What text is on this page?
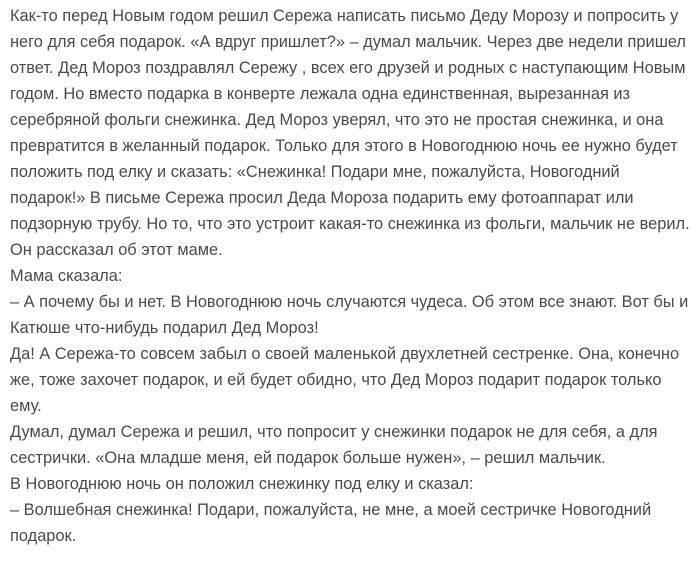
Как-то перед Новым годом решил Сережа написать письмо Деду Морозу и попросить у него для себя подарок. «А вдруг пришлет?» – думал мальчик. Через две недели пришел ответ. Дед Мороз поздравлял Сережу , всех его друзей и родных с наступающим Новым годом. Но вместо подарка в конверте лежала одна единственная, вырезанная из серебряной фольги снежинка. Дед Мороз уверял, что это не простая снежинка, и она превратится в желанный подарок. Только для этого в Новогоднюю ночь ее нужно будет положить под елку и сказать: «Снежинка! Подари мне, пожалуйста, Новогодний подарок!» В письме Сережа просил Деда Мороза подарить ему фотоаппарат или подзорную трубу. Но то, что это устроит какая-то снежинка из фольги, мальчик не верил. Он рассказал об этот маме.

Мама сказала:

– А почему бы и нет. В Новогоднюю ночь случаются чудеса. Об этом все знают. Вот бы и Катюше что-нибудь подарил Дед Мороз!

Да! А Сережа-то совсем забыл о своей маленькой двухлетней сестренке. Она, конечно же, тоже захочет подарок, и ей будет обидно, что Дед Мороз подарит подарок только ему.

Думал, думал Сережа и решил, что попросит у снежинки подарок не для себя, а для сестрички. «Она младше меня, ей подарок больше нужен», – решил мальчик.

В Новогоднюю ночь он положил снежинку под елку и сказал:

– Волшебная снежинка! Подари, пожалуйста, не мне, а моей сестричке Новогодний подарок.
